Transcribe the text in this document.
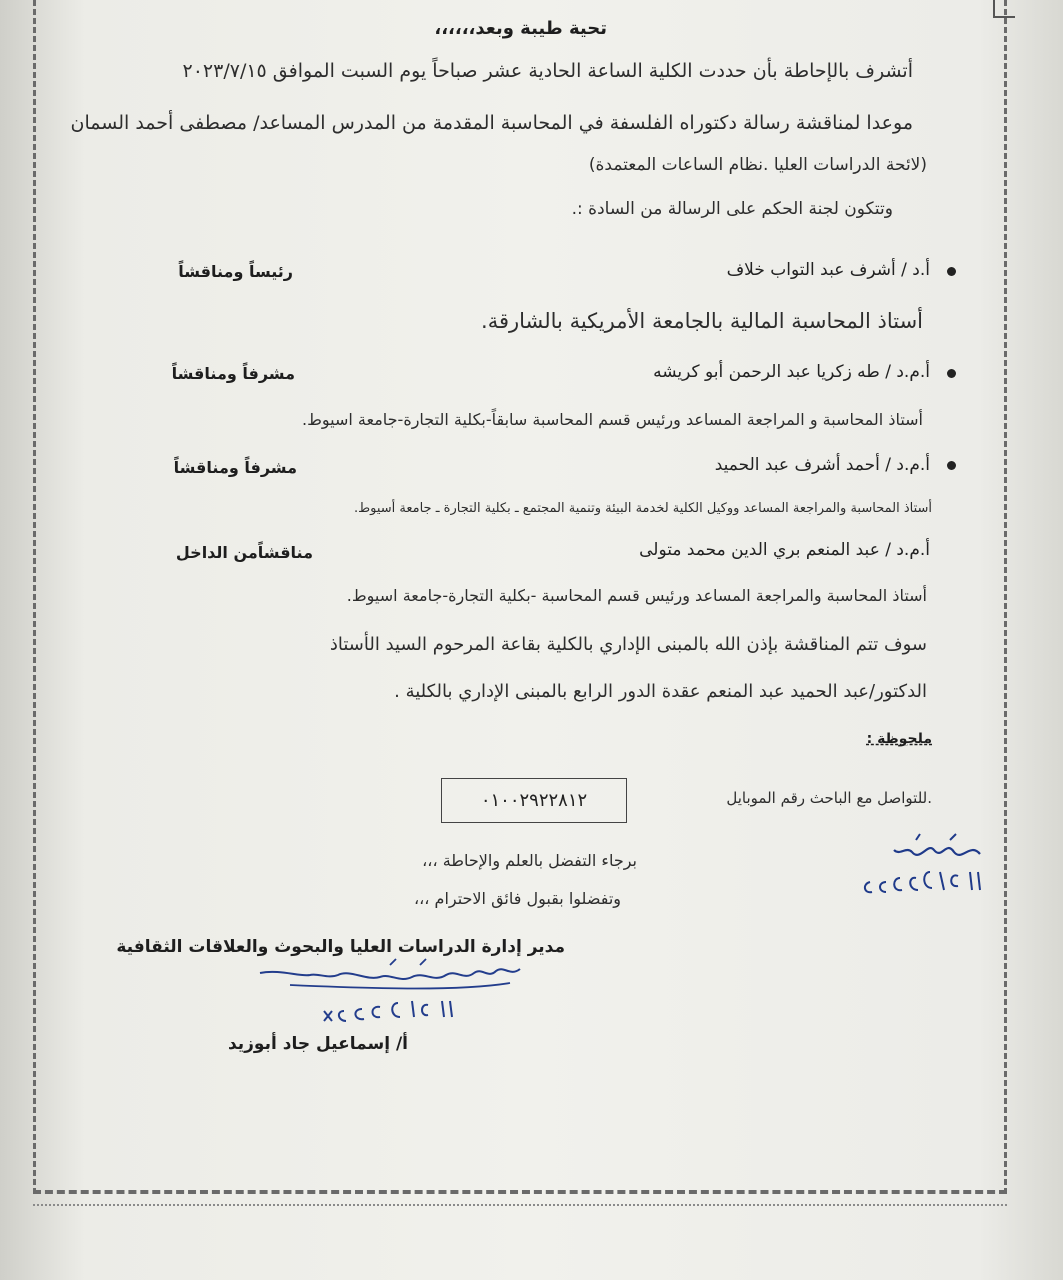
تحية طيبة وبعد،،،،،،
أتشرف بالإحاطة بأن حددت الكلية الساعة الحادية عشر صباحاً يوم السبت الموافق ٢٠٢٣/٧/١٥
موعدا لمناقشة رسالة دكتوراه الفلسفة في المحاسبة المقدمة من المدرس المساعد/ مصطفى أحمد السمان
(لائحة الدراسات العليا .نظام الساعات المعتمدة)
وتتكون لجنة الحكم على الرسالة من السادة :.
أ.د / أشرف عبد التواب خلاف
رئيساً ومناقشاً
أستاذ المحاسبة المالية بالجامعة الأمريكية بالشارقة.
أ.م.د / طه زكريا عبد الرحمن أبو كريشه
مشرفاً ومناقشاً
أستاذ المحاسبة و المراجعة المساعد ورئيس قسم المحاسبة سابقاً-بكلية التجارة-جامعة اسيوط.
أ.م.د / أحمد أشرف عبد الحميد
مشرفاً ومناقشاً
أستاذ المحاسبة والمراجعة المساعد ووكيل الكلية لخدمة البيئة وتنمية المجتمع ـ بكلية التجارة ـ جامعة أسيوط.
أ.م.د / عبد المنعم بري الدين محمد متولى
مناقشاًمن الداخل
أستاذ المحاسبة والمراجعة المساعد ورئيس قسم المحاسبة -بكلية التجارة-جامعة اسيوط.
سوف تتم المناقشة بإذن الله بالمبنى الإداري بالكلية بقاعة المرحوم السيد الأستاذ
الدكتور/عبد الحميد عبد المنعم عقدة الدور الرابع بالمبنى الإداري بالكلية .
ملحوظة :
.للتواصل مع الباحث رقم الموبايل
٠١٠٠٢٩٢٢٨١٢
برجاء التفضل بالعلم والإحاطة ،،،
وتفضلوا بقبول فائق الاحترام ،،،
مدير إدارة الدراسات العليا والبحوث والعلاقات الثقافية
أ/ إسماعيل جاد أبوزيد
